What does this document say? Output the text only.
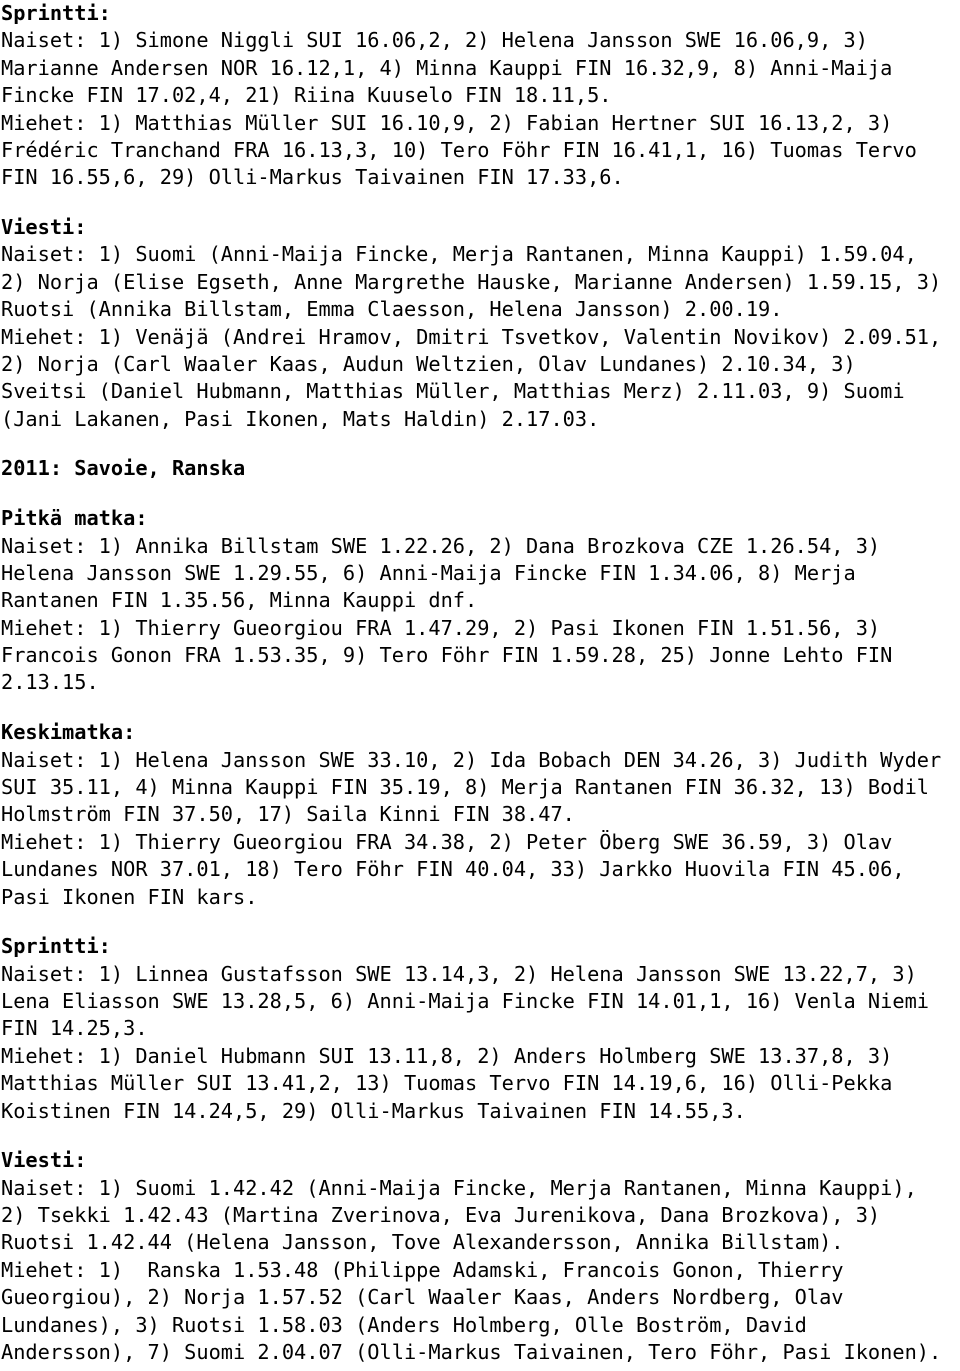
Sprintti:
Naiset: 1) Simone Niggli SUI 16.06,2, 2) Helena Jansson SWE 16.06,9, 3)
Marianne Andersen NOR 16.12,1, 4) Minna Kauppi FIN 16.32,9, 8) Anni-Maija
Fincke FIN 17.02,4, 21) Riina Kuuselo FIN 18.11,5.
Miehet: 1) Matthias Müller SUI 16.10,9, 2) Fabian Hertner SUI 16.13,2, 3)
Frédéric Tranchand FRA 16.13,3, 10) Tero Föhr FIN 16.41,1, 16) Tuomas Tervo
FIN 16.55,6, 29) Olli-Markus Taivainen FIN 17.33,6.
Viesti:
Naiset: 1) Suomi (Anni-Maija Fincke, Merja Rantanen, Minna Kauppi) 1.59.04,
2) Norja (Elise Egseth, Anne Margrethe Hauske, Marianne Andersen) 1.59.15, 3)
Ruotsi (Annika Billstam, Emma Claesson, Helena Jansson) 2.00.19.
Miehet: 1) Venäjä (Andrei Hramov, Dmitri Tsvetkov, Valentin Novikov) 2.09.51,
2) Norja (Carl Waaler Kaas, Audun Weltzien, Olav Lundanes) 2.10.34, 3)
Sveitsi (Daniel Hubmann, Matthias Müller, Matthias Merz) 2.11.03, 9) Suomi
(Jani Lakanen, Pasi Ikonen, Mats Haldin) 2.17.03.
2011: Savoie, Ranska
Pitkä matka:
Naiset: 1) Annika Billstam SWE 1.22.26, 2) Dana Brozkova CZE 1.26.54, 3)
Helena Jansson SWE 1.29.55, 6) Anni-Maija Fincke FIN 1.34.06, 8) Merja
Rantanen FIN 1.35.56, Minna Kauppi dnf.
Miehet: 1) Thierry Gueorgiou FRA 1.47.29, 2) Pasi Ikonen FIN 1.51.56, 3)
Francois Gonon FRA 1.53.35, 9) Tero Föhr FIN 1.59.28, 25) Jonne Lehto FIN
2.13.15.
Keskimatka:
Naiset: 1) Helena Jansson SWE 33.10, 2) Ida Bobach DEN 34.26, 3) Judith Wyder
SUI 35.11, 4) Minna Kauppi FIN 35.19, 8) Merja Rantanen FIN 36.32, 13) Bodil
Holmström FIN 37.50, 17) Saila Kinni FIN 38.47.
Miehet: 1) Thierry Gueorgiou FRA 34.38, 2) Peter Öberg SWE 36.59, 3) Olav
Lundanes NOR 37.01, 18) Tero Föhr FIN 40.04, 33) Jarkko Huovila FIN 45.06,
Pasi Ikonen FIN kars.
Sprintti:
Naiset: 1) Linnea Gustafsson SWE 13.14,3, 2) Helena Jansson SWE 13.22,7, 3)
Lena Eliasson SWE 13.28,5, 6) Anni-Maija Fincke FIN 14.01,1, 16) Venla Niemi
FIN 14.25,3.
Miehet: 1) Daniel Hubmann SUI 13.11,8, 2) Anders Holmberg SWE 13.37,8, 3)
Matthias Müller SUI 13.41,2, 13) Tuomas Tervo FIN 14.19,6, 16) Olli-Pekka
Koistinen FIN 14.24,5, 29) Olli-Markus Taivainen FIN 14.55,3.
Viesti:
Naiset: 1) Suomi 1.42.42 (Anni-Maija Fincke, Merja Rantanen, Minna Kauppi),
2) Tsekki 1.42.43 (Martina Zverinova, Eva Jurenikova, Dana Brozkova), 3)
Ruotsi 1.42.44 (Helena Jansson, Tove Alexandersson, Annika Billstam).
Miehet: 1)  Ranska 1.53.48 (Philippe Adamski, Francois Gonon, Thierry
Gueorgiou), 2) Norja 1.57.52 (Carl Waaler Kaas, Anders Nordberg, Olav
Lundanes), 3) Ruotsi 1.58.03 (Anders Holmberg, Olle Boström, David
Andersson), 7) Suomi 2.04.07 (Olli-Markus Taivainen, Tero Föhr, Pasi Ikonen).
